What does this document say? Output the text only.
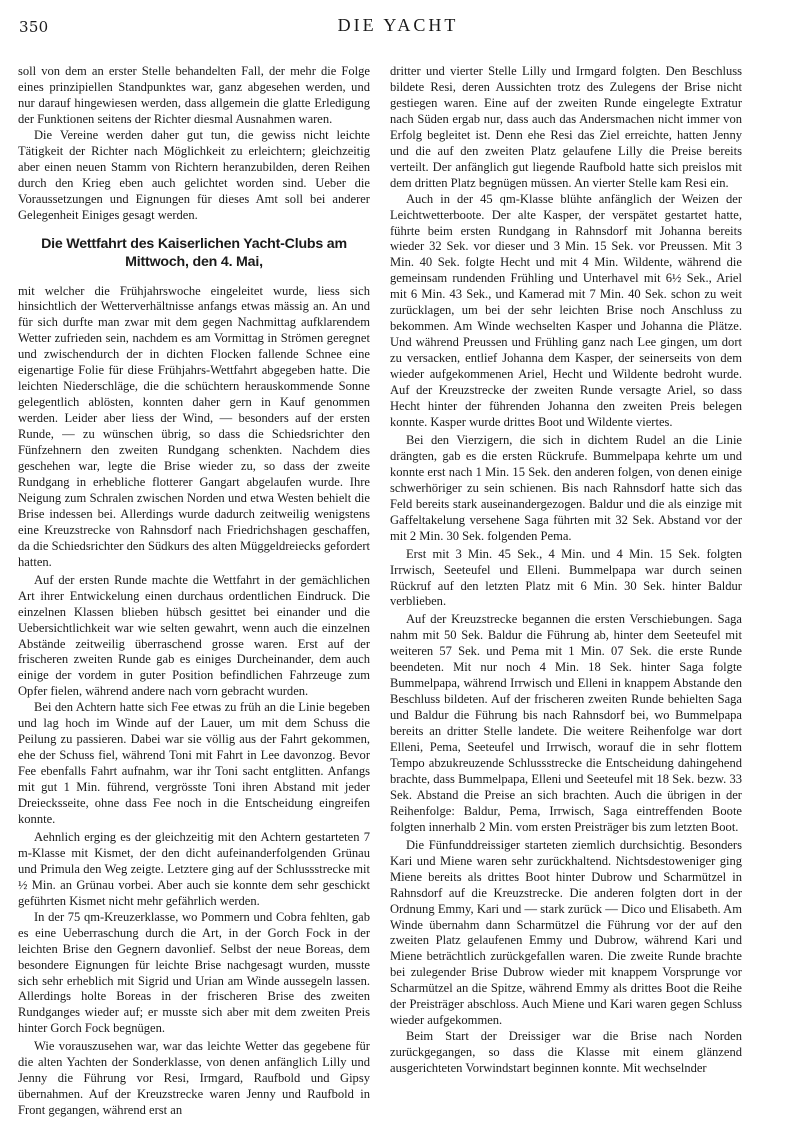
350	DIE YACHT

soll von dem an erster Stelle behandelten Fall, der mehr die Folge eines prinzipiellen Standpunktes war, ganz abgesehen werden, und nur darauf hingewiesen werden, dass allgemein die glatte Erledigung der Funktionen seitens der Richter diesmal Ausnahmen waren.

Die Vereine werden daher gut tun, die gewiss nicht leichte Tätigkeit der Richter nach Möglichkeit zu erleichtern; gleichzeitig aber einen neuen Stamm von Richtern heranzubilden, deren Reihen durch den Krieg eben auch gelichtet worden sind. Ueber die Voraussetzungen und Eignungen für dieses Amt soll bei anderer Gelegenheit Einiges gesagt werden.

Die Wettfahrt des Kaiserlichen Yacht-Clubs am Mittwoch, den 4. Mai,

mit welcher die Frühjahrswoche eingeleitet wurde, liess sich hinsichtlich der Wetterverhältnisse anfangs etwas mässig an. An und für sich durfte man zwar mit dem gegen Nachmittag aufklarendem Wetter zufrieden sein, nachdem es am Vormittag in Strömen geregnet und zwischendurch der in dichten Flocken fallende Schnee eine eigenartige Folie für diese Frühjahrs-Wettfahrt abgegeben hatte. Die leichten Niederschläge, die die schüchtern herauskommende Sonne gelegentlich ablösten, konnten daher gern in Kauf genommen werden. Leider aber liess der Wind, — besonders auf der ersten Runde, — zu wünschen übrig, so dass die Schiedsrichter den Fünfzehnern den zweiten Rundgang schenkten. Nachdem dies geschehen war, legte die Brise wieder zu, so dass der zweite Rundgang in erhebliche flotterer Gangart abgelaufen wurde. Ihre Neigung zum Schralen zwischen Norden und etwa Westen behielt die Brise indessen bei. Allerdings wurde dadurch zeitweilig wenigstens eine Kreuzstrecke von Rahnsdorf nach Friedrichshagen geschaffen, da die Schiedsrichter den Südkurs des alten Müggeldreiecks gefordert hatten.

Auf der ersten Runde machte die Wettfahrt in der gemächlichen Art ihrer Entwickelung einen durchaus ordentlichen Eindruck. Die einzelnen Klassen blieben hübsch gesittet bei einander und die Uebersichtlichkeit war wie selten gewahrt, wenn auch die einzelnen Abstände zeitweilig überraschend grosse waren. Erst auf der frischeren zweiten Runde gab es einiges Durcheinander, dem auch einige der vordem in guter Position befindlichen Fahrzeuge zum Opfer fielen, während andere nach vorn gebracht wurden.

Bei den Achtern hatte sich Fee etwas zu früh an die Linie begeben und lag hoch im Winde auf der Lauer, um mit dem Schuss die Peilung zu passieren. Dabei war sie völlig aus der Fahrt gekommen, ehe der Schuss fiel, während Toni mit Fahrt in Lee davonzog. Bevor Fee ebenfalls Fahrt aufnahm, war ihr Toni sacht entglitten. Anfangs mit gut 1 Min. führend, vergrösste Toni ihren Abstand mit jeder Dreiecksseite, ohne dass Fee noch in die Entscheidung eingreifen konnte.

Aehnlich erging es der gleichzeitig mit den Achtern gestarteten 7 m-Klasse mit Kismet, der den dicht aufeinanderfolgenden Grünau und Primula den Weg zeigte. Letztere ging auf der Schlussstrecke mit ½ Min. an Grünau vorbei. Aber auch sie konnte dem sehr geschickt geführten Kismet nicht mehr gefährlich werden.

In der 75 qm-Kreuzerklasse, wo Pommern und Cobra fehlten, gab es eine Ueberraschung durch die Art, in der Gorch Fock in der leichten Brise den Gegnern davonlief. Selbst der neue Boreas, dem besondere Eignungen für leichte Brise nachgesagt wurden, musste sich sehr erheblich mit Sigrid und Urian am Winde aussegeln lassen. Allerdings holte Boreas in der frischeren Brise des zweiten Rundganges wieder auf; er musste sich aber mit dem zweiten Preis hinter Gorch Fock begnügen.

Wie vorauszusehen war, war das leichte Wetter das gegebene für die alten Yachten der Sonderklasse, von denen anfänglich Lilly und Jenny die Führung vor Resi, Irmgard, Raufbold und Gipsy übernahmen. Auf der Kreuzstrecke waren Jenny und Raufbold in Front gegangen, während erst an

dritter und vierter Stelle Lilly und Irmgard folgten. Den Beschluss bildete Resi, deren Aussichten trotz des Zulegens der Brise nicht gestiegen waren. Eine auf der zweiten Runde eingelegte Extratur nach Süden ergab nur, dass auch das Andersmachen nicht immer von Erfolg begleitet ist. Denn ehe Resi das Ziel erreichte, hatten Jenny und die auf den zweiten Platz gelaufene Lilly die Preise bereits verteilt. Der anfänglich gut liegende Raufbold hatte sich preislos mit dem dritten Platz begnügen müssen. An vierter Stelle kam Resi ein.

Auch in der 45 qm-Klasse blühte anfänglich der Weizen der Leichtwetterboote. Der alte Kasper, der verspätet gestartet hatte, führte beim ersten Rundgang in Rahnsdorf mit Johanna bereits wieder 32 Sek. vor dieser und 3 Min. 15 Sek. vor Preussen. Mit 3 Min. 40 Sek. folgte Hecht und mit 4 Min. Wildente, während die gemeinsam rundenden Frühling und Unterhavel mit 6½ Sek., Ariel mit 6 Min. 43 Sek., und Kamerad mit 7 Min. 40 Sek. schon zu weit zurücklagen, um bei der sehr leichten Brise noch Anschluss zu bekommen. Am Winde wechselten Kasper und Johanna die Plätze. Und während Preussen und Frühling ganz nach Lee gingen, um dort zu versacken, entlief Johanna dem Kasper, der seinerseits von dem wieder aufgekommenen Ariel, Hecht und Wildente bedroht wurde. Auf der Kreuzstrecke der zweiten Runde versagte Ariel, so dass Hecht hinter der führenden Johanna den zweiten Preis belegen konnte. Kasper wurde drittes Boot und Wildente viertes.

Bei den Vierzigern, die sich in dichtem Rudel an die Linie drängten, gab es die ersten Rückrufe. Bummelpapa kehrte um und konnte erst nach 1 Min. 15 Sek. den anderen folgen, von denen einige schwerhöriger zu sein schienen. Bis nach Rahnsdorf hatte sich das Feld bereits stark auseinandergezogen. Baldur und die als einzige mit Gaffeltakelung versehene Saga führten mit 32 Sek. Abstand vor der mit 2 Min. 30 Sek. folgenden Pema.

Erst mit 3 Min. 45 Sek., 4 Min. und 4 Min. 15 Sek. folgten Irrwisch, Seeteufel und Elleni. Bummelpapa war durch seinen Rückruf auf den letzten Platz mit 6 Min. 30 Sek. hinter Baldur verblieben.

Auf der Kreuzstrecke begannen die ersten Verschiebungen. Saga nahm mit 50 Sek. Baldur die Führung ab, hinter dem Seeteufel mit weiteren 57 Sek. und Pema mit 1 Min. 07 Sek. die erste Runde beendeten. Mit nur noch 4 Min. 18 Sek. hinter Saga folgte Bummelpapa, während Irrwisch und Elleni in knappem Abstande den Beschluss bildeten. Auf der frischeren zweiten Runde behielten Saga und Baldur die Führung bis nach Rahnsdorf bei, wo Bummelpapa bereits an dritter Stelle landete. Die weitere Reihenfolge war dort Elleni, Pema, Seeteufel und Irrwisch, worauf die in sehr flottem Tempo abzukreuzende Schlussstrecke die Entscheidung dahingehend brachte, dass Bummelpapa, Elleni und Seeteufel mit 18 Sek. bezw. 33 Sek. Abstand die Preise an sich brachten. Auch die übrigen in der Reihenfolge: Baldur, Pema, Irrwisch, Saga eintreffenden Boote folgten innerhalb 2 Min. vom ersten Preisträger bis zum letzten Boot.

Die Fünfunddreissiger starteten ziemlich durchsichtig. Besonders Kari und Miene waren sehr zurückhaltend. Nichtsdestoweniger ging Miene bereits als drittes Boot hinter Dubrow und Scharmützel in Rahnsdorf auf die Kreuzstrecke. Die anderen folgten dort in der Ordnung Emmy, Kari und — stark zurück — Dico und Elisabeth. Am Winde übernahm dann Scharmützel die Führung vor der auf den zweiten Platz gelaufenen Emmy und Dubrow, während Kari und Miene beträchtlich zurückgefallen waren. Die zweite Runde brachte bei zulegender Brise Dubrow wieder mit knappem Vorsprunge vor Scharmützel an die Spitze, während Emmy als drittes Boot die Reihe der Preisträger abschloss. Auch Miene und Kari waren gegen Schluss wieder aufgekommen.

Beim Start der Dreissiger war die Brise nach Norden zurückgegangen, so dass die Klasse mit einem glänzend ausgerichteten Vorwindstart beginnen konnte. Mit wechselnder
